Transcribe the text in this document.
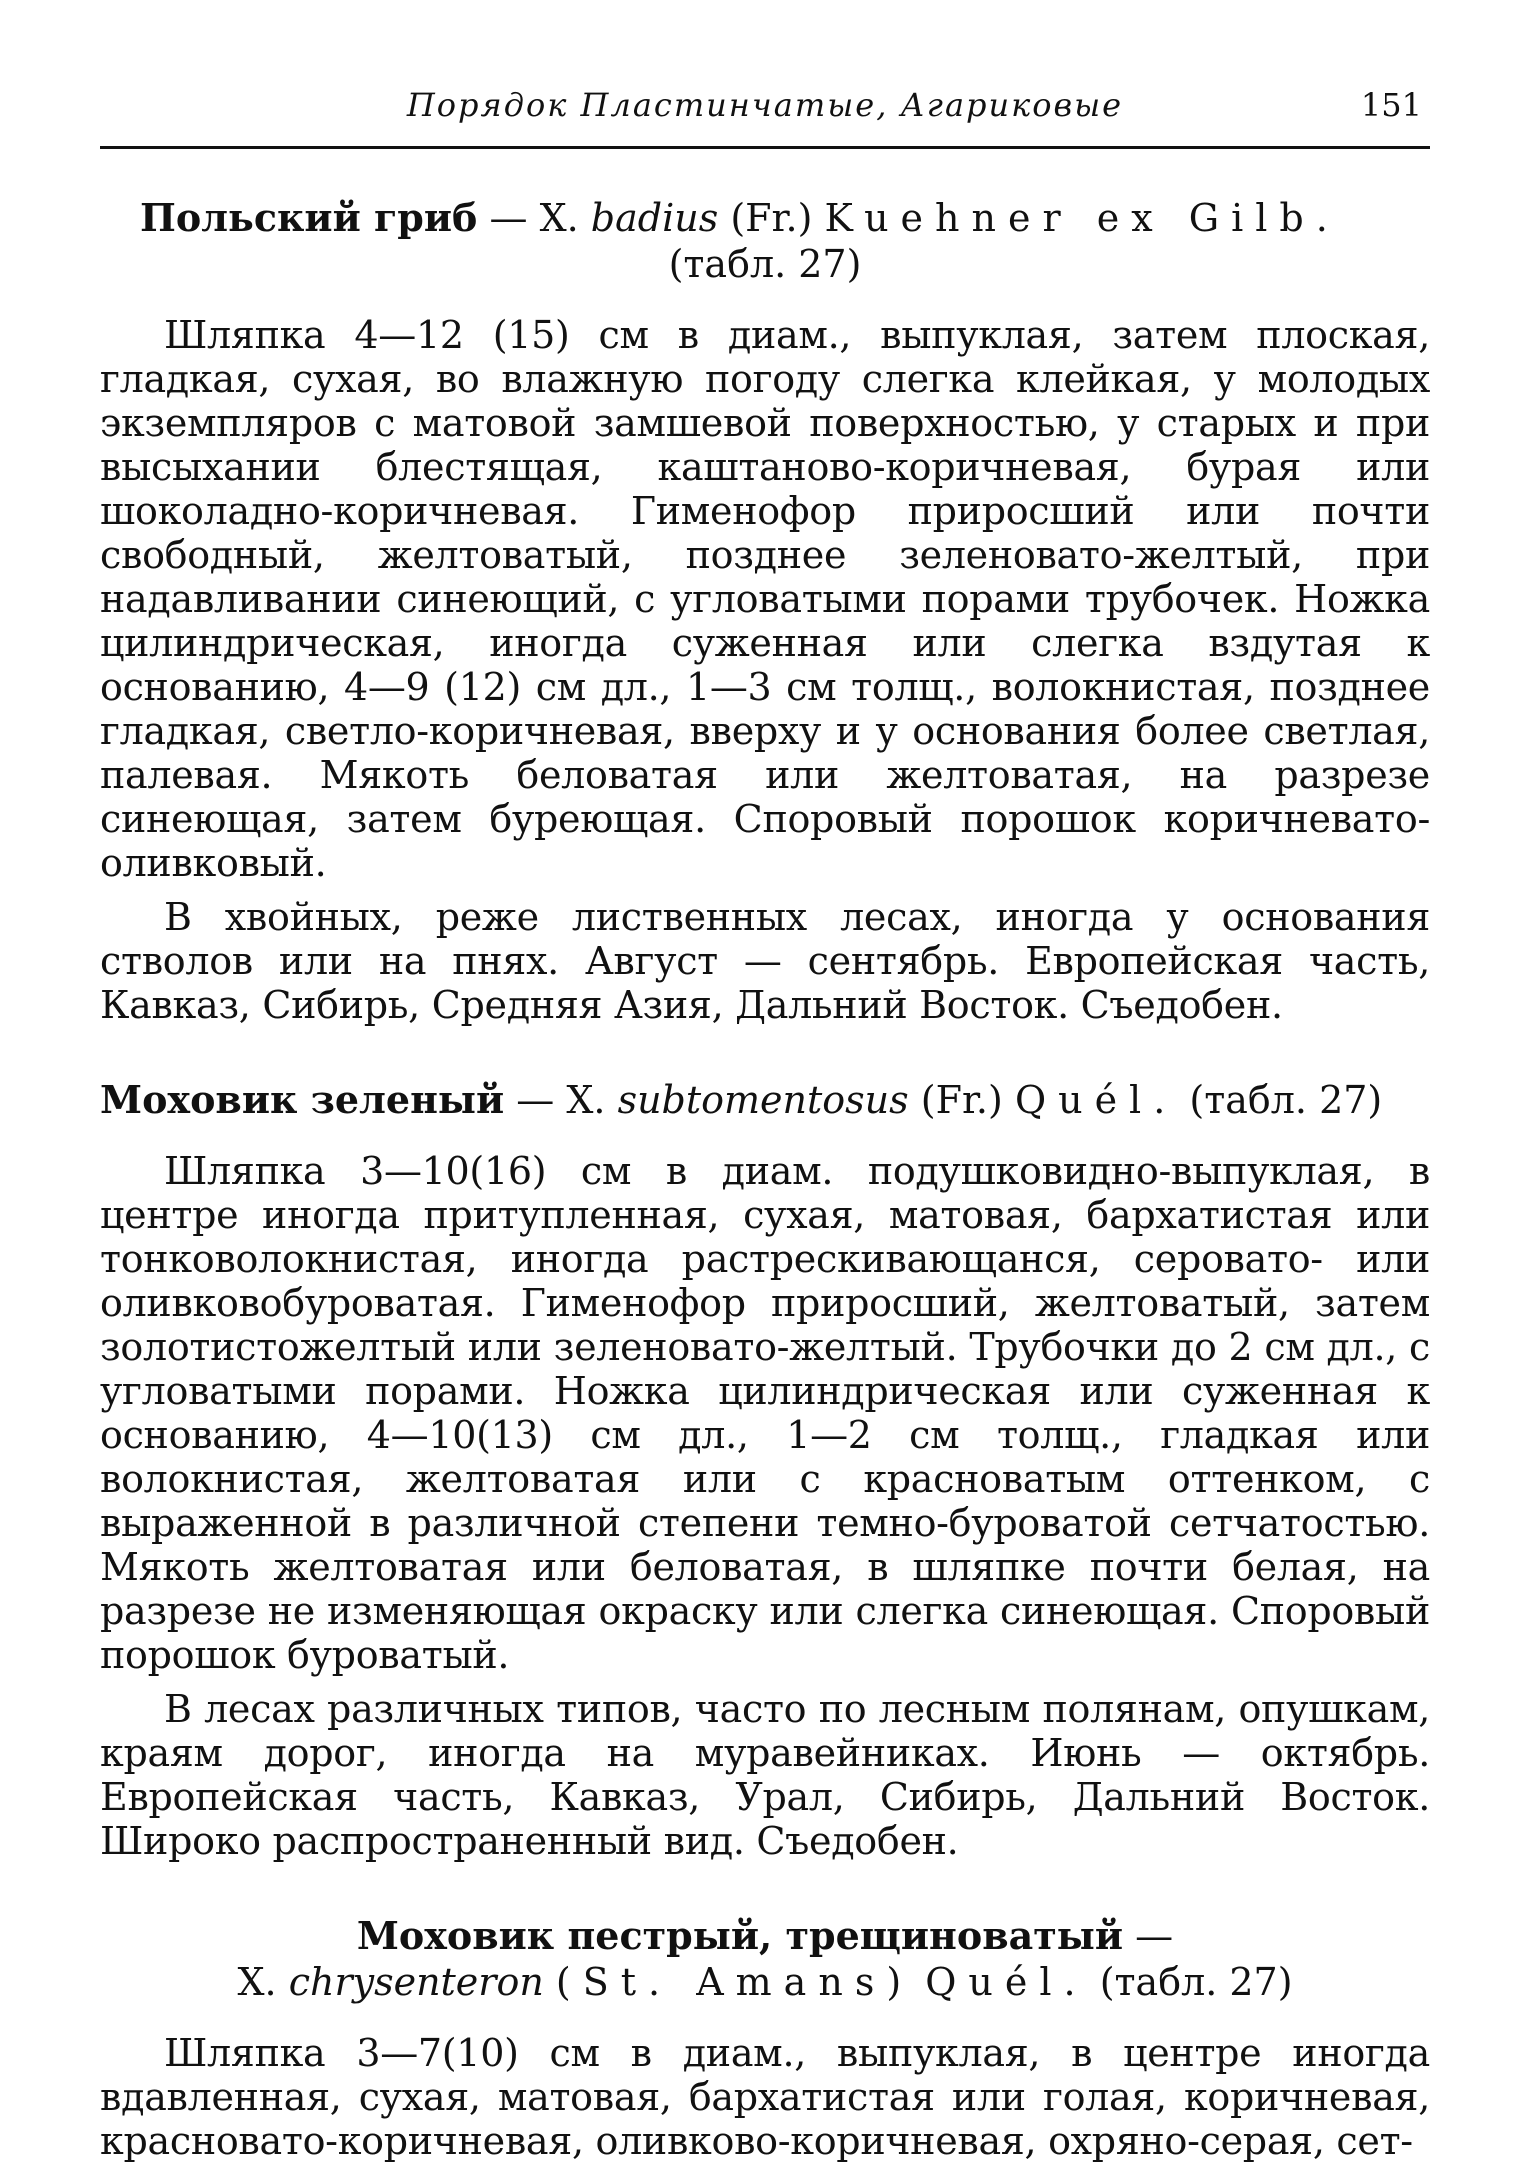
Порядок Пластинчатые, Агариковые	151

Польский гриб — X. badius (Fr.) Kuehner ex Gilb.

(табл. 27)

Шляпка 4—12 (15) см в диам., выпуклая, затем плоская, гладкая, сухая, во влажную погоду слегка клейкая, у молодых экземпляров с матовой замшевой поверхностью, у старых и при высыхании блестящая, каштаново-коричневая, бурая или шоколадно-коричневая. Гименофор приросший или почти свободный, желтоватый, позднее зеленовато-желтый, при надавливании синеющий, с угловатыми порами трубочек. Ножка цилиндрическая, иногда суженная или слегка вздутая к основанию, 4—9 (12) см дл., 1—3 см толщ., волокнистая, позднее гладкая, светло-коричневая, вверху и у основания более светлая, палевая. Мякоть беловатая или желтоватая, на разрезе синеющая, затем буреющая. Споровый порошок коричневато-оливковый.

В хвойных, реже лиственных лесах, иногда у основания стволов или на пнях. Август — сентябрь. Европейская часть, Кавказ, Сибирь, Средняя Азия, Дальний Восток. Съедобен.

Моховик зеленый — X. subtomentosus (Fr.) Quél. (табл. 27)

Шляпка 3—10(16) см в диам. подушковидно-выпуклая, в центре иногда притупленная, сухая, матовая, бархатистая или тонковолокнистая, иногда растрескивающанся, серовато- или оливковобуроватая. Гименофор приросший, желтоватый, затем золотистожелтый или зеленовато-желтый. Трубочки до 2 см дл., с угловатыми порами. Ножка цилиндрическая или суженная к основанию, 4—10(13) см дл., 1—2 см толщ., гладкая или волокнистая, желтоватая или с красноватым оттенком, с выраженной в различной степени темно-буроватой сетчатостью. Мякоть желтоватая или беловатая, в шляпке почти белая, на разрезе не изменяющая окраску или слегка синеющая. Споровый порошок буроватый.

В лесах различных типов, часто по лесным полянам, опушкам, краям дорог, иногда на муравейниках. Июнь — октябрь. Европейская часть, Кавказ, Урал, Сибирь, Дальний Восток. Широко распространенный вид. Съедобен.

Моховик пестрый, трещиноватый —

X. chrysenteron (St. Amans) Quél. (табл. 27)

Шляпка 3—7(10) см в диам., выпуклая, в центре иногда вдавленная, сухая, матовая, бархатистая или голая, коричневая, красновато-коричневая, оливково-коричневая, охряно-серая, сет-
